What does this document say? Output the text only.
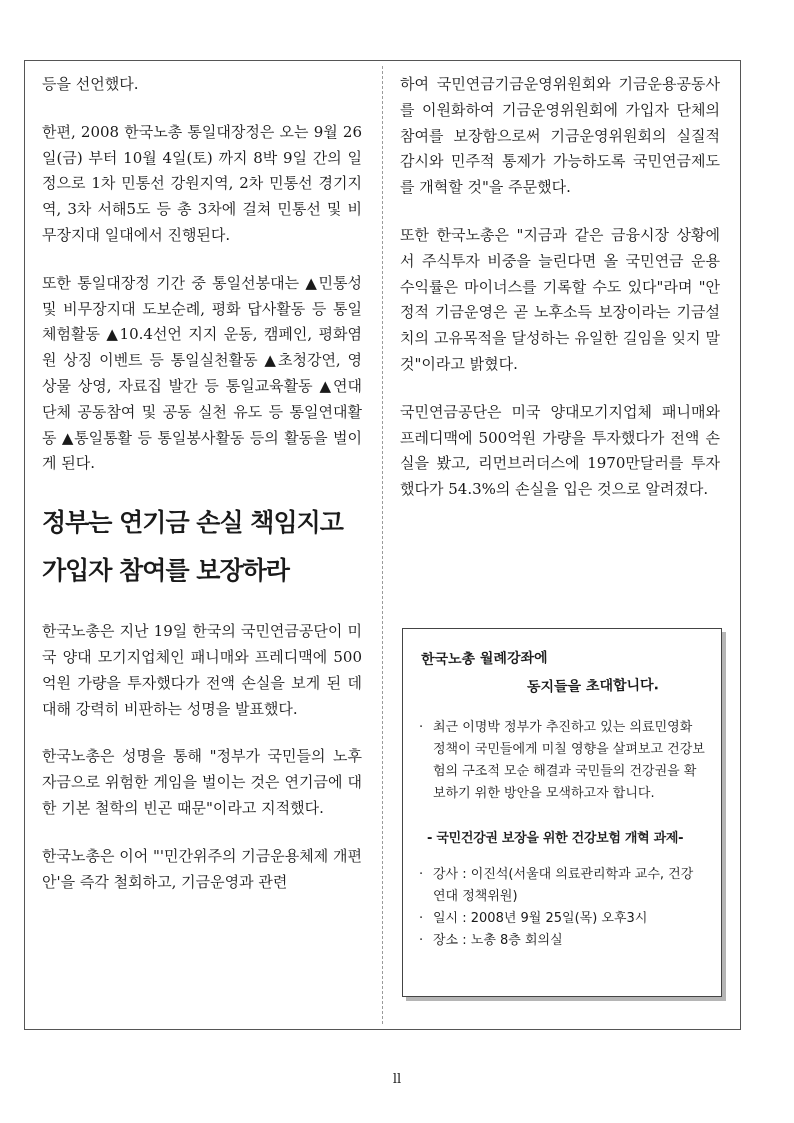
등을 선언했다.

한편, 2008 한국노총 통일대장정은 오는 9월 26일(금) 부터 10월 4일(토) 까지 8박 9일 간의 일정으로 1차 민통선 강원지역, 2차 민통선 경기지역, 3차 서해5도 등 총 3차에 걸쳐 민통선 및 비무장지대 일대에서 진행된다.

또한 통일대장정 기간 중 통일선봉대는 ▲민통성 및 비무장지대 도보순례, 평화 답사활동 등 통일체험활동 ▲10.4선언 지지 운동, 캠페인, 평화염원 상징 이벤트 등 통일실천활동 ▲초청강연, 영상물 상영, 자료집 발간 등 통일교육활동 ▲연대단체 공동참여 및 공동 실천 유도 등 통일연대활동 ▲통일통활 등 통일봉사활동 등의 활동을 벌이게 된다.

정부는 연기금 손실 책임지고
가입자 참여를 보장하라

한국노총은 지난 19일 한국의 국민연금공단이 미국 양대 모기지업체인 패니매와 프레디맥에 500억원 가량을 투자했다가 전액 손실을 보게 된 데 대해 강력히 비판하는 성명을 발표했다.

한국노총은 성명을 통해 "정부가 국민들의 노후자금으로 위험한 게임을 벌이는 것은 연기금에 대한 기본 철학의 빈곤 때문"이라고 지적했다.

한국노총은 이어 "'민간위주의 기금운용체제 개편안'을 즉각 철회하고, 기금운영과 관련

하여 국민연금기금운영위원회와 기금운용공동사를 이원화하여 기금운영위원회에 가입자 단체의 참여를 보장함으로써 기금운영위원회의 실질적 감시와 민주적 통제가 가능하도록 국민연금제도를 개혁할 것"을 주문했다.

또한 한국노총은 "지금과 같은 금융시장 상황에서 주식투자 비중을 늘린다면 올 국민연금 운용 수익률은 마이너스를 기록할 수도 있다"라며 "안정적 기금운영은 곧 노후소득 보장이라는 기금설치의 고유목적을 달성하는 유일한 길임을 잊지 말 것"이라고 밝혔다.

국민연금공단은 미국 양대모기지업체 패니매와 프레디맥에 500억원 가량을 투자했다가 전액 손실을 봤고, 리먼브러더스에 1970만달러를 투자했다가 54.3%의 손실을 입은 것으로 알려졌다.

한국노총 월례강좌에
동지들을 초대합니다.
· 최근 이명박 정부가 추진하고 있는 의료민영화 정책이 국민들에게 미칠 영향을 살펴보고 건강보험의 구조적 모순 해결과 국민들의 건강권을 확보하기 위한 방안을 모색하고자 합니다.
- 국민건강권 보장을 위한 건강보험 개혁 과제-
· 강사 : 이진석(서울대 의료관리학과 교수, 건강연대 정책위원)
· 일시 : 2008년 9월 25일(목) 오후3시
· 장소 : 노총 8층 회의실
ll
